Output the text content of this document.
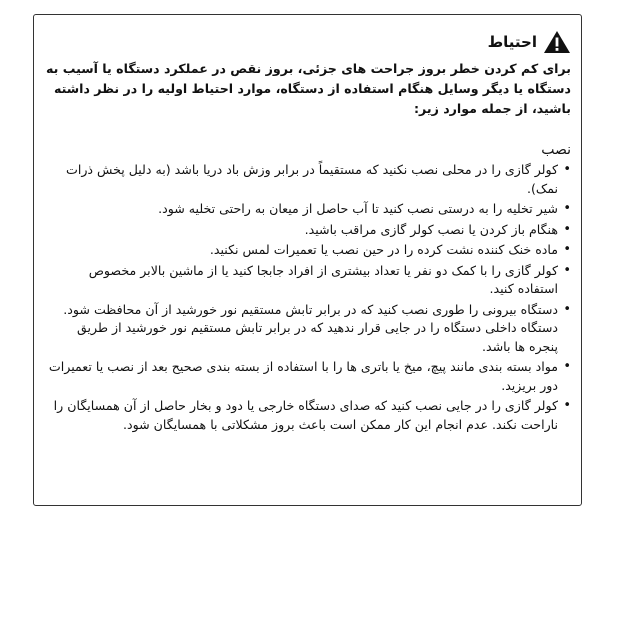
احتیاط
برای کم کردن خطر بروز جراحت های جزئی، بروز نقص در عملکرد دستگاه یا آسیب به دستگاه یا دیگر وسایل هنگام استفاده از دستگاه، موارد احتیاط اولیه را در نظر داشته باشید، از جمله موارد زیر:
نصب
• کولر گازی را در محلی نصب نکنید که مستقیماً در برابر وزش باد دریا باشد (به دلیل پخش ذرات نمک).
• شیر تخلیه را به درستی نصب کنید تا آب حاصل از میعان به راحتی تخلیه شود.
• هنگام باز کردن یا نصب کولر گازی مراقب باشید.
• ماده خنک کننده نشت کرده را در حین نصب یا تعمیرات لمس نکنید.
• کولر گازی را با کمک دو نفر یا تعداد بیشتری از افراد جابجا کنید یا از ماشین بالابر مخصوص استفاده کنید.
• دستگاه بیرونی را طوری نصب کنید که در برابر تابش مستقیم نور خورشید از آن محافظت شود. دستگاه داخلی دستگاه را در جایی قرار ندهید که در برابر تابش مستقیم نور خورشید از طریق پنجره ها باشد.
• مواد بسته بندی مانند پیچ، میخ یا باتری ها را با استفاده از بسته بندی صحیح بعد از نصب یا تعمیرات دور بریزید.
• کولر گازی را در جایی نصب کنید که صدای دستگاه خارجی یا دود و بخار حاصل از آن همسایگان را ناراحت نکند. عدم انجام این کار ممکن است باعث بروز مشکلاتی با همسایگان شود.
